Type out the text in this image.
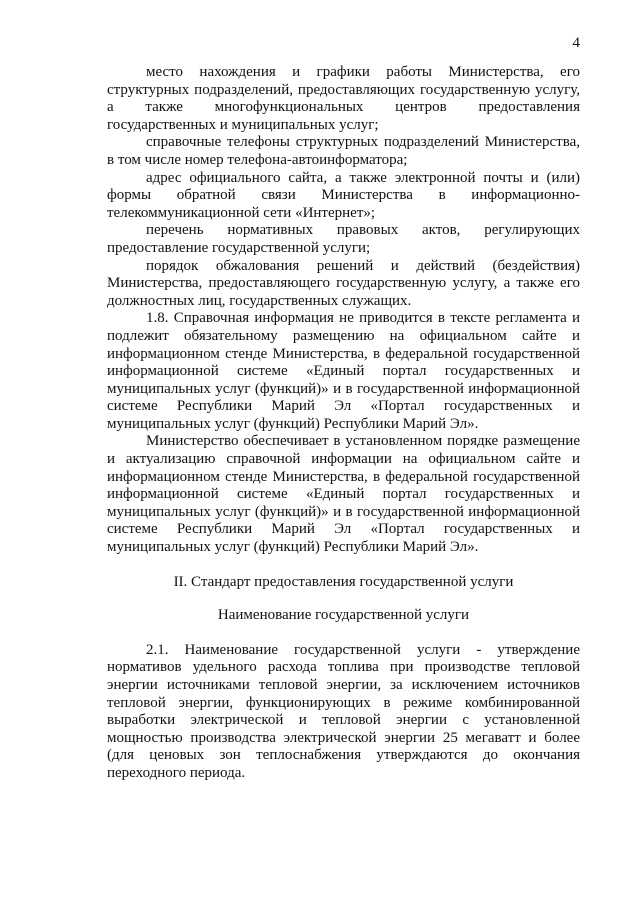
4

место нахождения и графики работы Министерства, его структурных подразделений, предоставляющих государственную услугу, а также многофункциональных центров предоставления государственных и муниципальных услуг;

справочные телефоны структурных подразделений Министерства, в том числе номер телефона-автоинформатора;

адрес официального сайта, а также электронной почты и (или) формы обратной связи Министерства в информационно-телекоммуникационной сети «Интернет»;

перечень нормативных правовых актов, регулирующих предоставление государственной услуги;

порядок обжалования решений и действий (бездействия) Министерства, предоставляющего государственную услугу, а также его должностных лиц, государственных служащих.

1.8. Справочная информация не приводится в тексте регламента и подлежит обязательному размещению на официальном сайте и информационном стенде Министерства, в федеральной государственной информационной системе «Единый портал государственных и муниципальных услуг (функций)» и в государственной информационной системе Республики Марий Эл «Портал государственных и муниципальных услуг (функций) Республики Марий Эл».

Министерство обеспечивает в установленном порядке размещение и актуализацию справочной информации на официальном сайте и информационном стенде Министерства, в федеральной государственной информационной системе «Единый портал государственных и муниципальных услуг (функций)» и в государственной информационной системе Республики Марий Эл «Портал государственных и муниципальных услуг (функций) Республики Марий Эл».

II. Стандарт предоставления государственной услуги

Наименование государственной услуги

2.1. Наименование государственной услуги - утверждение нормативов удельного расхода топлива при производстве тепловой энергии источниками тепловой энергии, за исключением источников тепловой энергии, функционирующих в режиме комбинированной выработки электрической и тепловой энергии с установленной мощностью производства электрической энергии 25 мегаватт и более (для ценовых зон теплоснабжения утверждаются до окончания переходного периода.
